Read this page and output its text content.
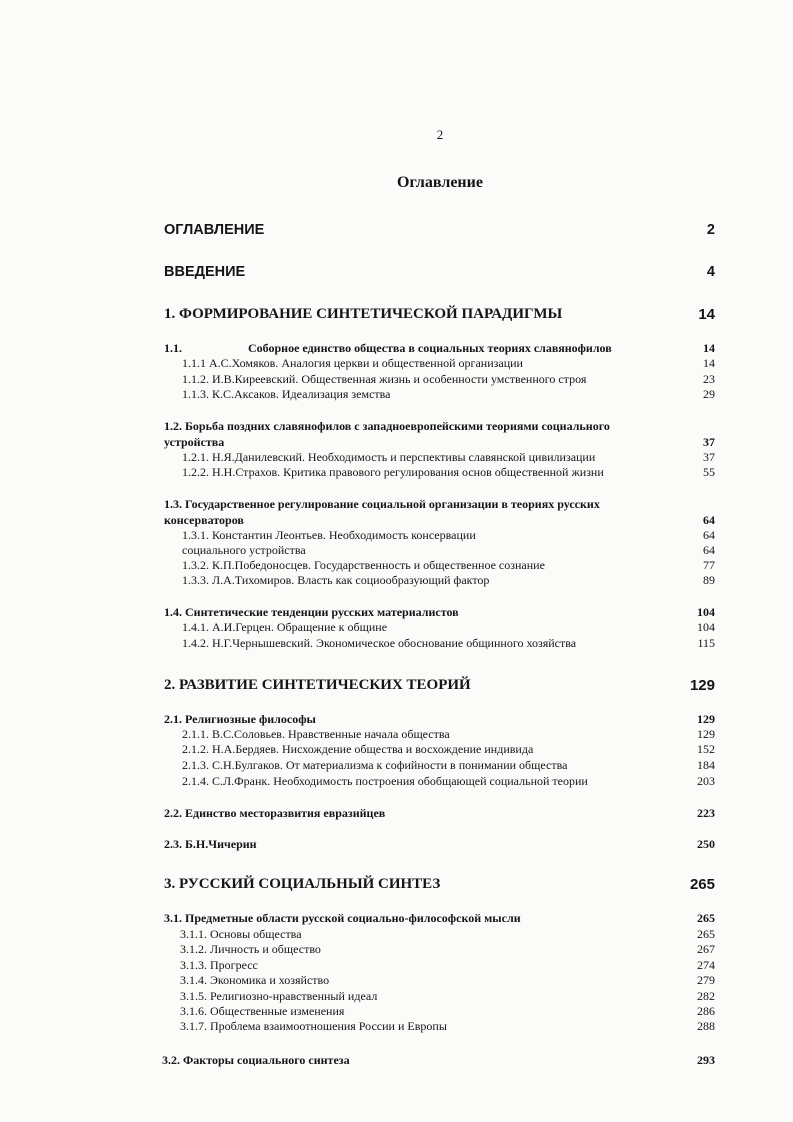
2
Оглавление
ОГЛАВЛЕНИЕ	2
ВВЕДЕНИЕ	4
1. ФОРМИРОВАНИЕ СИНТЕТИЧЕСКОЙ ПАРАДИГМЫ	14
1.1.	Соборное единство общества в социальных теориях славянофилов	14
1.1.1 А.С.Хомяков. Аналогия церкви и общественной организации	14
1.1.2. И.В.Киреевский. Общественная жизнь и особенности умственного строя	23
1.1.3. К.С.Аксаков. Идеализация земства	29
1.2. Борьба поздних славянофилов с западноевропейскими теориями социального
устройства	37
1.2.1. Н.Я.Данилевский. Необходимость и перспективы славянской цивилизации	37
1.2.2. Н.Н.Страхов. Критика правового регулирования основ общественной жизни	55
1.3. Государственное регулирование социальной организации в теориях русских
консерваторов	64
1.3.1. Константин Леонтьев. Необходимость консервации	64
социального устройства	64
1.3.2. К.П.Победоносцев. Государственность и общественное сознание	77
1.3.3. Л.А.Тихомиров. Власть как социообразующий фактор	89
1.4. Синтетические тенденции русских материалистов	104
1.4.1. А.И.Герцен. Обращение к общине	104
1.4.2. Н.Г.Чернышевский. Экономическое обоснование общинного хозяйства	115
2. РАЗВИТИЕ СИНТЕТИЧЕСКИХ ТЕОРИЙ	129
2.1. Религиозные философы	129
2.1.1. В.С.Соловьев. Нравственные начала общества	129
2.1.2. Н.А.Бердяев. Нисхождение общества и восхождение индивида	152
2.1.3. С.Н.Булгаков. От материализма к софийности в понимании общества	184
2.1.4. С.Л.Франк. Необходимость построения обобщающей социальной теории	203
2.2. Единство месторазвития евразийцев	223
2.3. Б.Н.Чичерин	250
3. РУССКИЙ СОЦИАЛЬНЫЙ СИНТЕЗ	265
3.1. Предметные области русской социально-философской мысли	265
3.1.1. Основы общества	265
3.1.2. Личность и общество	267
3.1.3. Прогресс	274
3.1.4. Экономика и хозяйство	279
3.1.5. Религиозно-нравственный идеал	282
3.1.6. Общественные изменения	286
3.1.7. Проблема взаимоотношения России и Европы	288
3.2. Факторы социального синтеза	293
